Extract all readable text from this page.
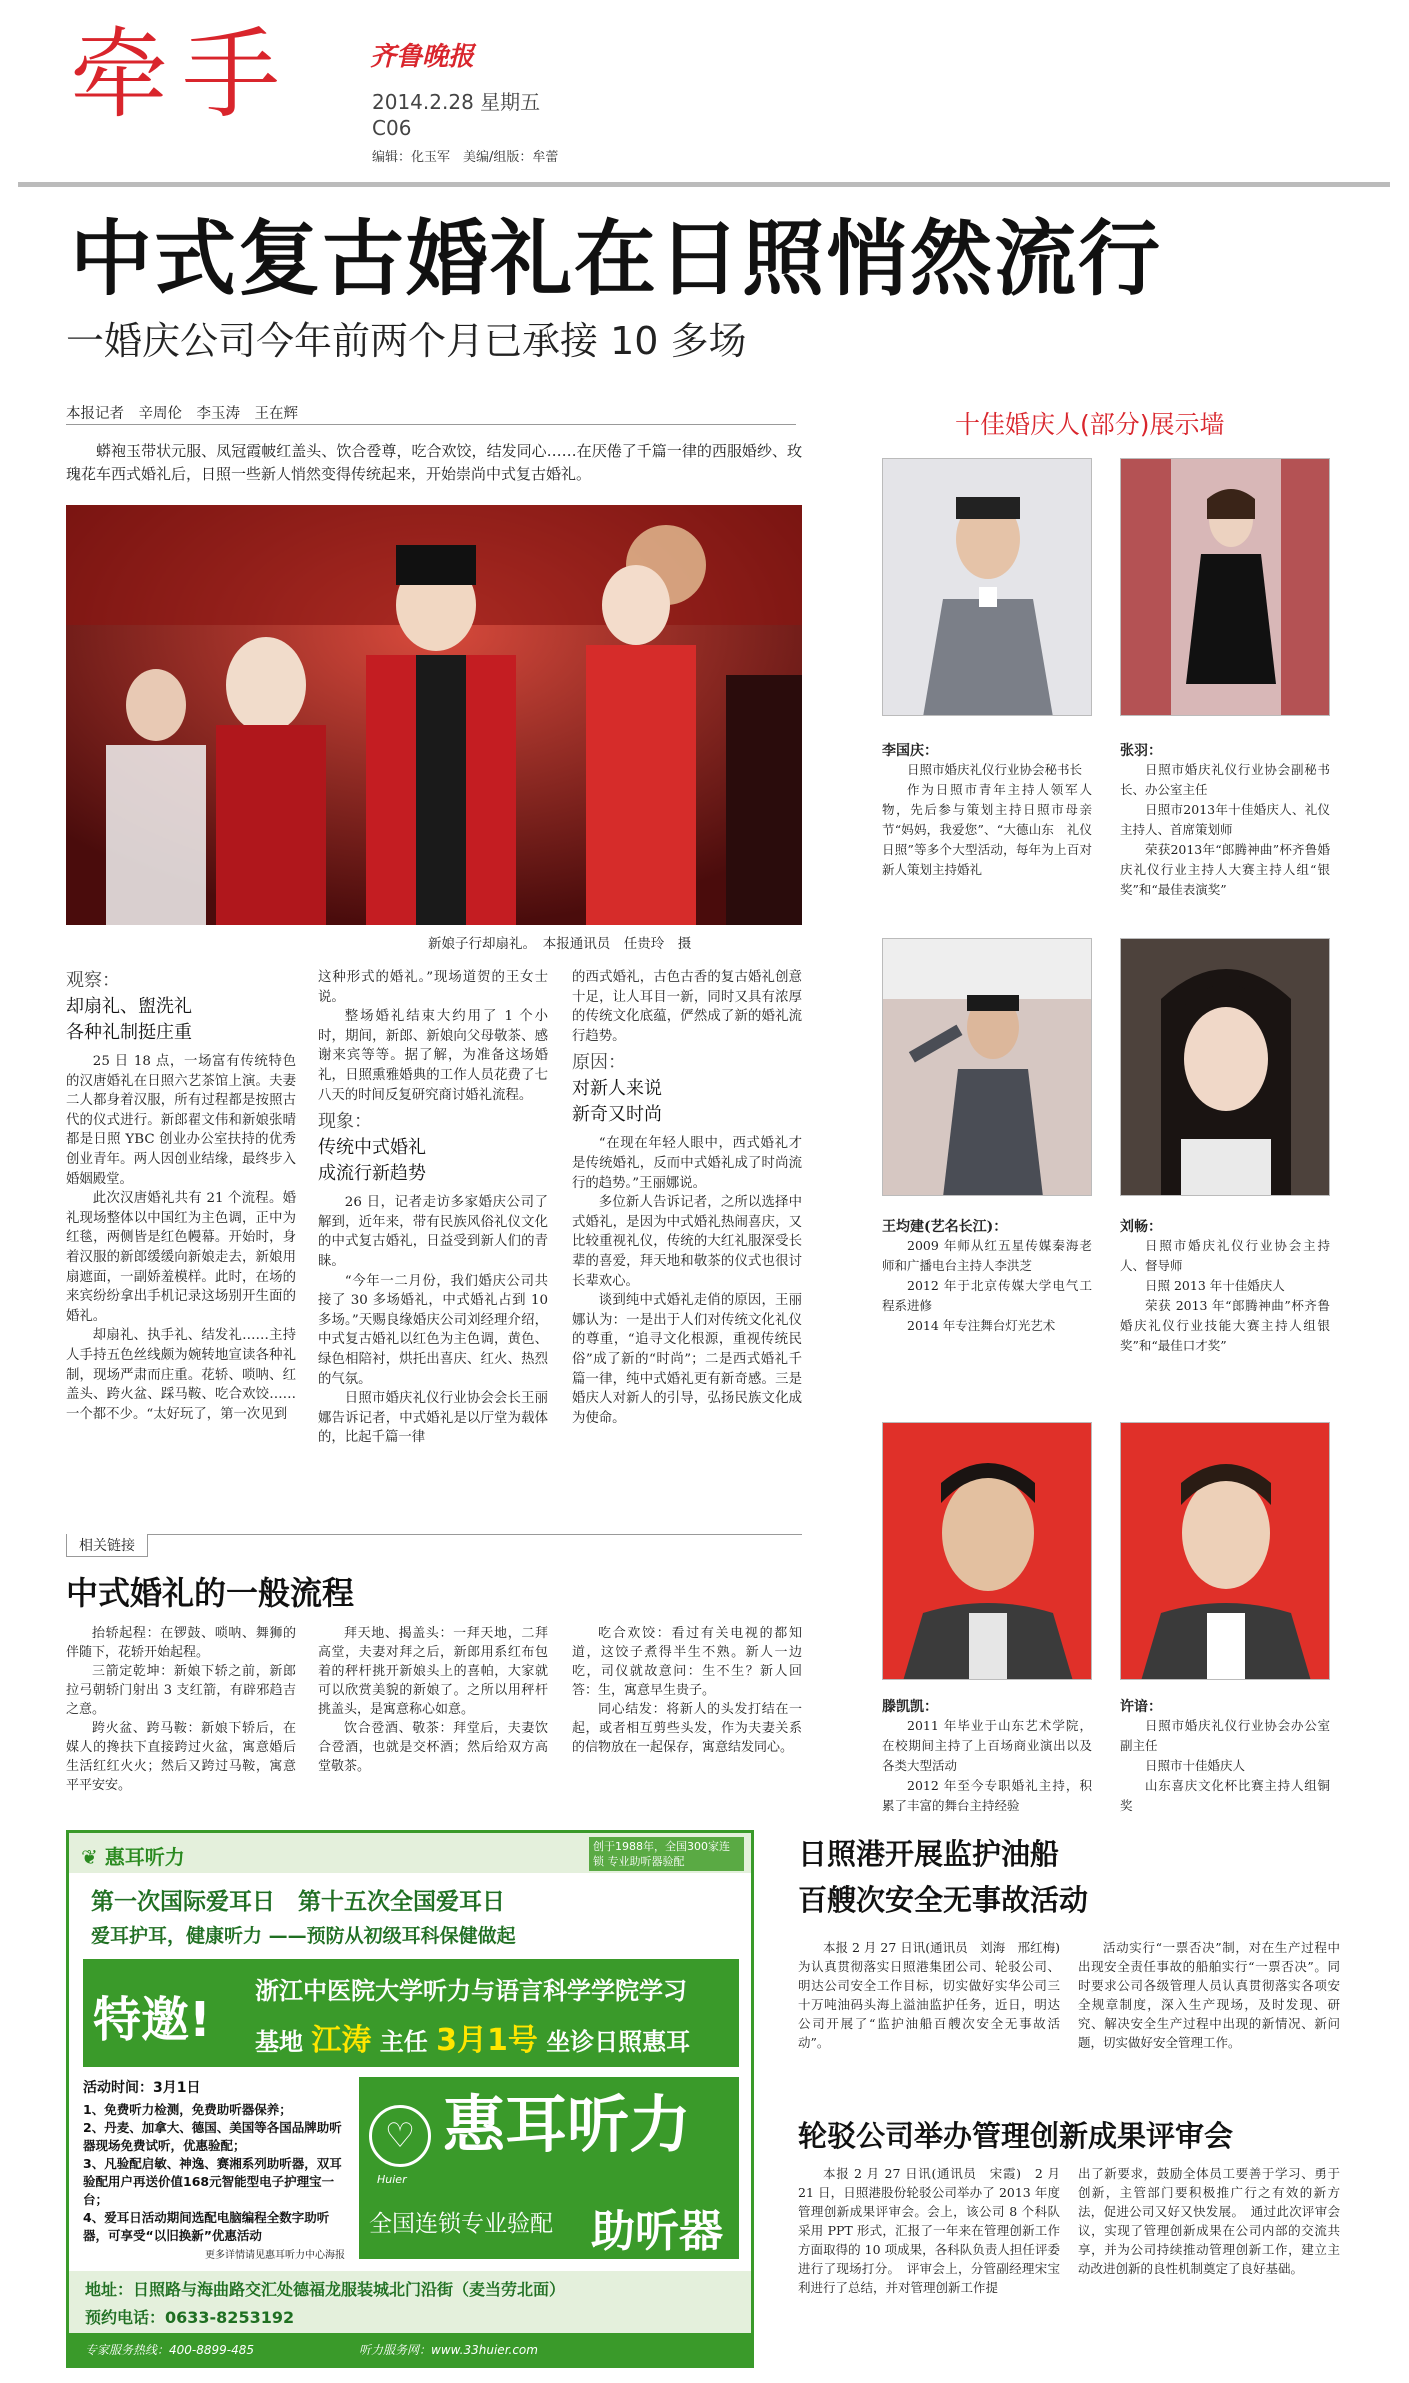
牵手	齐鲁晚报
2014.2.28 星期五
C06
编辑：化玉军　美编/组版：牟蕾
中式复古婚礼在日照悄然流行
一婚庆公司今年前两个月已承接 10 多场
本报记者　辛周伦　李玉涛　王在辉

蟒袍玉带状元服、凤冠霞帔红盖头、饮合卺尊，吃合欢饺，结发同心……在厌倦了千篇一律的西服婚纱、玫瑰花车西式婚礼后，日照一些新人悄然变得传统起来，开始崇尚中式复古婚礼。

新娘子行却扇礼。　本报通讯员　任贵玲　摄
观察：
却扇礼、盥洗礼
各种礼制挺庄重

25 日 18 点，一场富有传统特色的汉唐婚礼在日照六艺茶馆上演。夫妻二人都身着汉服，所有过程都是按照古代的仪式进行。新郎翟文伟和新娘张晴都是日照 YBC 创业办公室扶持的优秀创业青年。两人因创业结缘，最终步入婚姻殿堂。

此次汉唐婚礼共有 21 个流程。婚礼现场整体以中国红为主色调，正中为红毯，两侧皆是红色幔幕。开始时，身着汉服的新郎缓缓向新娘走去，新娘用扇遮面，一副娇羞模样。此时，在场的来宾纷纷拿出手机记录这场别开生面的婚礼。

却扇礼、执手礼、结发礼……主持人手持五色丝线颇为婉转地宣读各种礼制，现场严肃而庄重。花轿、唢呐、红盖头、跨火盆、踩马鞍、吃合欢饺……一个都不少。“太好玩了，第一次见到

这种形式的婚礼。”现场道贺的王女士说。

整场婚礼结束大约用了 1 个小时，期间，新郎、新娘向父母敬茶、感谢来宾等等。据了解，为准备这场婚礼，日照熏雅婚典的工作人员花费了七八天的时间反复研究商讨婚礼流程。

现象：
传统中式婚礼
成流行新趋势

26 日，记者走访多家婚庆公司了解到，近年来，带有民族风俗礼仪文化的中式复古婚礼，日益受到新人们的青睐。

“今年一二月份，我们婚庆公司共接了 30 多场婚礼，中式婚礼占到 10 多场。”天赐良缘婚庆公司刘经理介绍，中式复古婚礼以红色为主色调，黄色、绿色相陪衬，烘托出喜庆、红火、热烈的气氛。

日照市婚庆礼仪行业协会会长王丽娜告诉记者，中式婚礼是以厅堂为载体的，比起千篇一律

的西式婚礼，古色古香的复古婚礼创意十足，让人耳目一新，同时又具有浓厚的传统文化底蕴，俨然成了新的婚礼流行趋势。

原因：
对新人来说
新奇又时尚

“在现在年轻人眼中，西式婚礼才是传统婚礼，反而中式婚礼成了时尚流行的趋势。”王丽娜说。

多位新人告诉记者，之所以选择中式婚礼，是因为中式婚礼热闹喜庆，又比较重视礼仪，传统的大红礼服深受长辈的喜爱，拜天地和敬茶的仪式也很讨长辈欢心。

谈到纯中式婚礼走俏的原因，王丽娜认为：一是出于人们对传统文化礼仪的尊重，“追寻文化根源，重视传统民俗”成了新的“时尚”；二是西式婚礼千篇一律，纯中式婚礼更有新奇感。三是婚庆人对新人的引导，弘扬民族文化成为使命。

相关链接
中式婚礼的一般流程

抬轿起程：在锣鼓、唢呐、舞狮的伴随下，花轿开始起程。

三箭定乾坤：新娘下轿之前，新郎拉弓朝轿门射出 3 支红箭，有辟邪趋吉之意。

跨火盆、跨马鞍：新娘下轿后，在媒人的搀扶下直接跨过火盆，寓意婚后生活红红火火；然后又跨过马鞍，寓意平平安安。

拜天地、揭盖头：一拜天地，二拜高堂，夫妻对拜之后，新郎用系红布包着的秤杆挑开新娘头上的喜帕，大家就可以欣赏美貌的新娘了。之所以用秤杆挑盖头，是寓意称心如意。

饮合卺酒、敬茶：拜堂后，夫妻饮合卺酒，也就是交杯酒；然后给双方高堂敬茶。

吃合欢饺：看过有关电视的都知道，这饺子煮得半生不熟。新人一边吃，司仪就故意问：生不生？新人回答：生，寓意早生贵子。

同心结发：将新人的头发打结在一起，或者相互剪些头发，作为夫妻关系的信物放在一起保存，寓意结发同心。

十佳婚庆人(部分)展示墙
李国庆：

日照市婚庆礼仪行业协会秘书长

作为日照市青年主持人领军人物，先后参与策划主持日照市母亲节“妈妈，我爱您”、“大德山东　礼仪日照”等多个大型活动，每年为上百对新人策划主持婚礼

张羽：

日照市婚庆礼仪行业协会副秘书长、办公室主任

日照市2013年十佳婚庆人、礼仪主持人、首席策划师

荣获2013年“郎腾神曲”杯齐鲁婚庆礼仪行业主持人大赛主持人组“银奖”和“最佳表演奖”

王均建(艺名长江)：

2009 年师从红五星传媒秦海老师和广播电台主持人李洪芝

2012 年于北京传媒大学电气工程系进修

2014 年专注舞台灯光艺术

刘畅：

日照市婚庆礼仪行业协会主持人、督导师

日照 2013 年十佳婚庆人

荣获 2013 年“郎腾神曲”杯齐鲁婚庆礼仪行业技能大赛主持人组银奖”和“最佳口才奖”

滕凯凯：

2011 年毕业于山东艺术学院，在校期间主持了上百场商业演出以及各类大型活动

2012 年至今专职婚礼主持，积累了丰富的舞台主持经验

许谙：

日照市婚庆礼仪行业协会办公室副主任

日照市十佳婚庆人

山东喜庆文化杯比赛主持人组铜奖

❦ 惠耳听力	创于1988年，全国300家连锁 专业助听器验配
第一次国际爱耳日　第十五次全国爱耳日
爱耳护耳，健康听力 ——预防从初级耳科保健做起
特邀!
浙江中医院大学听力与语言科学学院学习
基地 江涛 主任 3月1号 坐诊日照惠耳
活动时间：3月1日
1、免费听力检测，免费助听器保养；
2、丹麦、加拿大、德国、美国等各国品牌助听器现场免费试听，优惠验配；
3、凡验配启敏、神逸、赛湘系列助听器，双耳验配用户再送价值168元智能型电子护理宝一台；
4、爱耳日活动期间选配电脑编程全数字助听器，可享受“以旧换新”优惠活动
更多详情请见惠耳听力中心海报
♡
Huier
惠耳听力
全国连锁专业验配 助听器
地址：日照路与海曲路交汇处德福龙服装城北门沿街（麦当劳北面）
预约电话：0633-8253192
专家服务热线：400-8899-485	听力服务网：www.33huier.com
日照港开展监护油船
百艘次安全无事故活动

本报 2 月 27 日讯(通讯员　刘海　邢红梅)　为认真贯彻落实日照港集团公司、轮驳公司、明达公司安全工作目标，切实做好实华公司三十万吨油码头海上溢油监护任务，近日，明达公司开展了“监护油船百艘次安全无事故活动”。

活动实行“一票否决”制，对在生产过程中出现安全责任事故的船舶实行“一票否决”。同时要求公司各级管理人员认真贯彻落实各项安全规章制度，深入生产现场，及时发现、研究、解决安全生产过程中出现的新情况、新问题，切实做好安全管理工作。

轮驳公司举办管理创新成果评审会

本报 2 月 27 日讯(通讯员　宋霞)　2 月 21 日，日照港股份轮驳公司举办了 2013 年度管理创新成果评审会。会上，该公司 8 个科队采用 PPT 形式，汇报了一年来在管理创新工作方面取得的 10 项成果，各科队负责人担任评委进行了现场打分。　评审会上，分管副经理宋宝利进行了总结，并对管理创新工作提

出了新要求，鼓励全体员工要善于学习、勇于创新，主管部门要积极推广行之有效的新方法，促进公司又好又快发展。　通过此次评审会议，实现了管理创新成果在公司内部的交流共享，并为公司持续推动管理创新工作，建立主动改进创新的良性机制奠定了良好基础。
